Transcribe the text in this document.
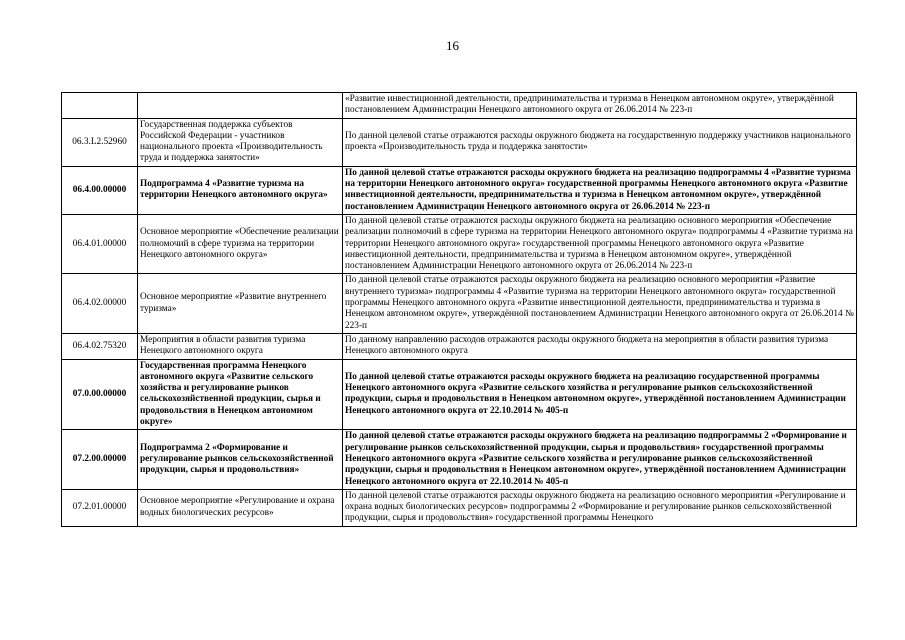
16
		«Развитие инвестиционной деятельности, предпринимательства и туризма в Ненецком автономном округе», утверждённой постановлением Администрации Ненецкого автономного округа от 26.06.2014 № 223-п
06.3.L2.52960	Государственная поддержка субъектов Российской Федерации - участников национального проекта «Производительность труда и поддержка занятости»	По данной целевой статье отражаются расходы окружного бюджета на государственную поддержку участников национального проекта «Производительность труда и поддержка занятости»
06.4.00.00000	Подпрограмма 4 «Развитие туризма на территории Ненецкого автономного округа»	По данной целевой статье отражаются расходы окружного бюджета на реализацию подпрограммы 4 «Развитие туризма на территории Ненецкого автономного округа» государственной программы Ненецкого автономного округа «Развитие инвестиционной деятельности, предпринимательства и туризма в Ненецком автономном округе», утверждённой постановлением Администрации Ненецкого автономного округа от 26.06.2014 № 223-п
06.4.01.00000	Основное мероприятие «Обеспечение реализации полномочий в сфере туризма на территории Ненецкого автономного округа»	По данной целевой статье отражаются расходы окружного бюджета на реализацию основного мероприятия «Обеспечение реализации полномочий в сфере туризма на территории Ненецкого автономного округа» подпрограммы 4 «Развитие туризма на территории Ненецкого автономного округа» государственной программы Ненецкого автономного округа «Развитие инвестиционной деятельности, предпринимательства и туризма в Ненецком автономном округе», утверждённой постановлением Администрации Ненецкого автономного округа от 26.06.2014 № 223-п
06.4.02.00000	Основное мероприятие «Развитие внутреннего туризма»	По данной целевой статье отражаются расходы окружного бюджета на реализацию основного мероприятия «Развитие внутреннего туризма» подпрограммы 4 «Развитие туризма на территории Ненецкого автономного округа» государственной программы Ненецкого автономного округа «Развитие инвестиционной деятельности, предпринимательства и туризма в Ненецком автономном округе», утверждённой постановлением Администрации Ненецкого автономного округа от 26.06.2014 № 223-п
06.4.02.75320	Мероприятия в области развития туризма Ненецкого автономного округа	По данному направлению расходов отражаются расходы окружного бюджета на мероприятия в области развития туризма Ненецкого автономного округа
07.0.00.00000	Государственная программа Ненецкого автономного округа «Развитие сельского хозяйства и регулирование рынков сельскохозяйственной продукции, сырья и продовольствия в Ненецком автономном округе»	По данной целевой статье отражаются расходы окружного бюджета на реализацию государственной программы Ненецкого автономного округа «Развитие сельского хозяйства и регулирование рынков сельскохозяйственной продукции, сырья и продовольствия в Ненецком автономном округе», утверждённой постановлением Администрации Ненецкого автономного округа от 22.10.2014 № 405-п
07.2.00.00000	Подпрограмма 2 «Формирование и регулирование рынков сельскохозяйственной продукции, сырья и продовольствия»	По данной целевой статье отражаются расходы окружного бюджета на реализацию подпрограммы 2 «Формирование и регулирование рынков сельскохозяйственной продукции, сырья и продовольствия» государственной программы Ненецкого автономного округа «Развитие сельского хозяйства и регулирование рынков сельскохозяйственной продукции, сырья и продовольствия в Ненецком автономном округе», утверждённой постановлением Администрации Ненецкого автономного округа от 22.10.2014 № 405-п
07.2.01.00000	Основное мероприятие «Регулирование и охрана водных биологических ресурсов»	По данной целевой статье отражаются расходы окружного бюджета на реализацию основного мероприятия «Регулирование и охрана водных биологических ресурсов» подпрограммы 2 «Формирование и регулирование рынков сельскохозяйственной продукции, сырья и продовольствия» государственной программы Ненецкого
